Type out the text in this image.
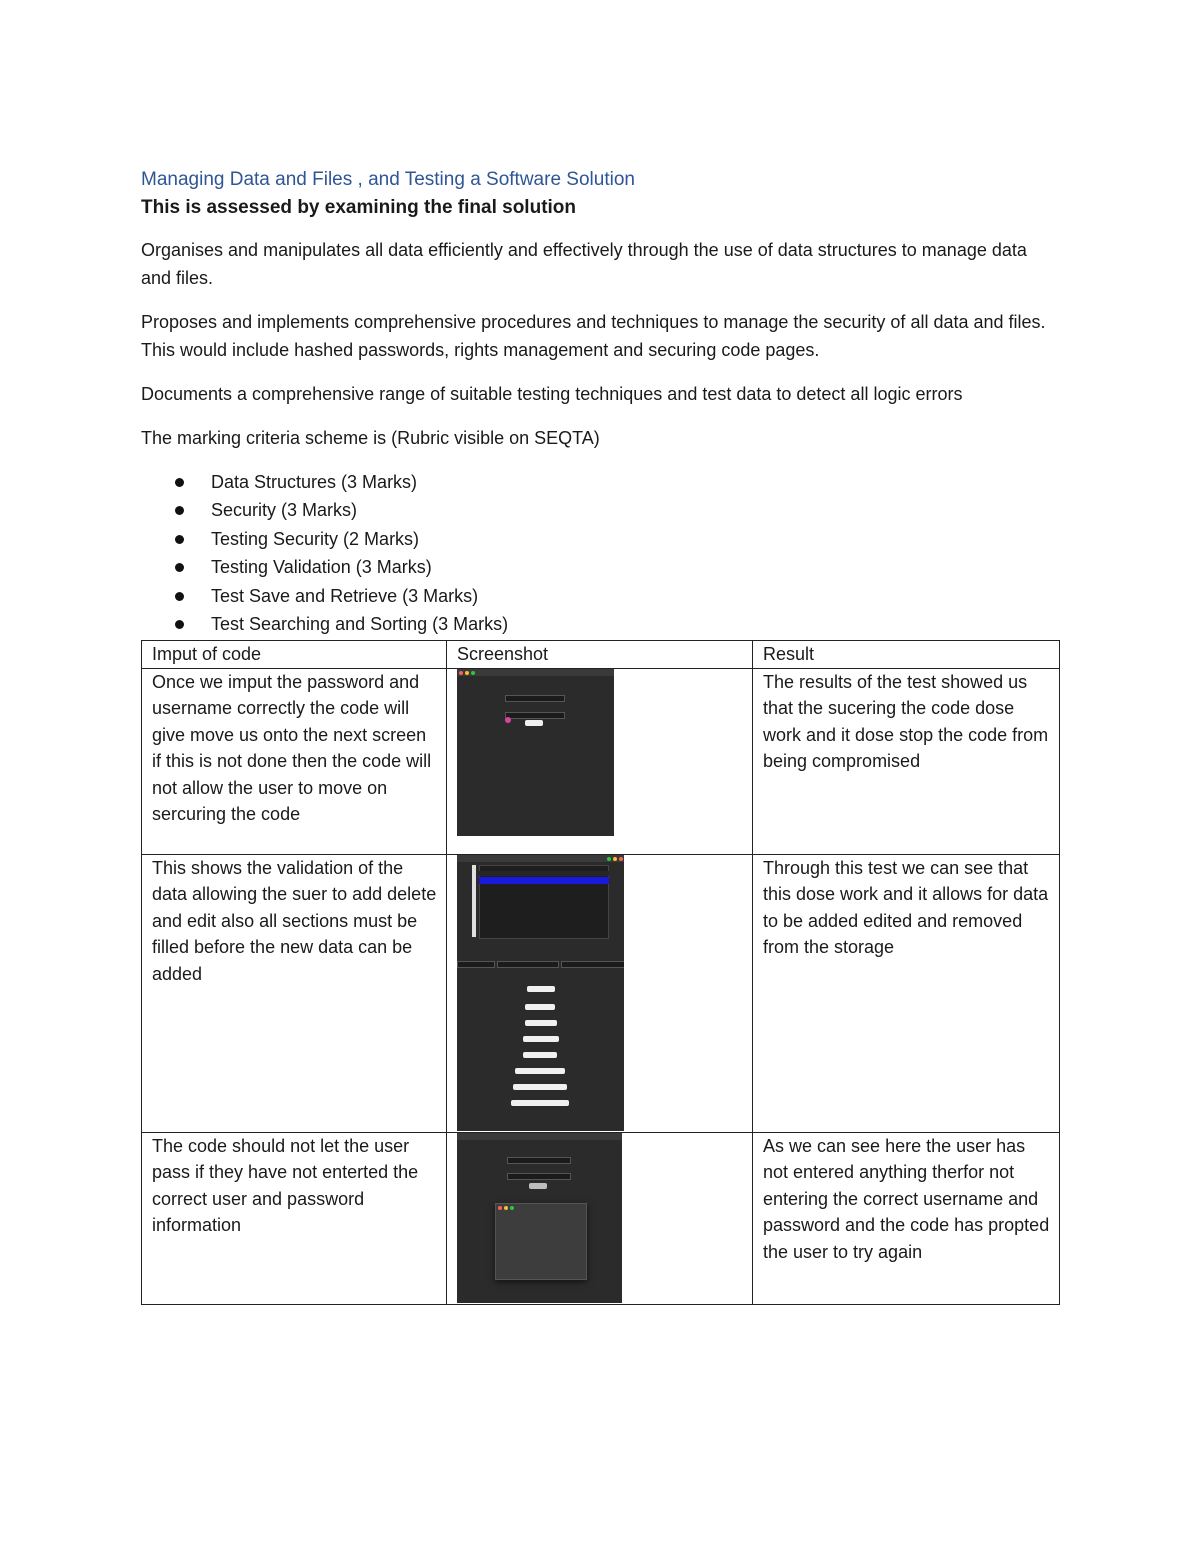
Managing Data and Files , and Testing a Software Solution

This is assessed by examining the final solution

Organises and manipulates all data efficiently and effectively through the use of data structures to manage data and files.

Proposes and implements comprehensive procedures and techniques to manage the security of all data and files. This would include hashed passwords, rights management and securing code pages.

Documents a comprehensive range of suitable testing techniques and test data to detect all logic errors

The marking criteria scheme is (Rubric visible on SEQTA)

Data Structures (3 Marks)
Security (3 Marks)
Testing Security (2 Marks)
Testing Validation (3 Marks)
Test Save and Retrieve (3 Marks)
Test Searching and Sorting (3 Marks)
Imput of code	Screenshot	Result
Once we imput the password and username correctly the code will give move us onto the next screen if this is not done then the code will not allow the user to move on sercuring the code		The results of the test showed us that the sucering the code dose work and it dose stop the code from being compromised
This shows the validation of the data allowing the suer to add delete and edit also all sections must be filled before the new data can be added		Through this test we can see that this dose work and it allows for data to be added edited and removed from the storage
The code should not let the user pass if they have not enterted the correct user and password information		As we can see here the user has not entered anything therfor not entering the correct username and password and the code has propted the user to try again
